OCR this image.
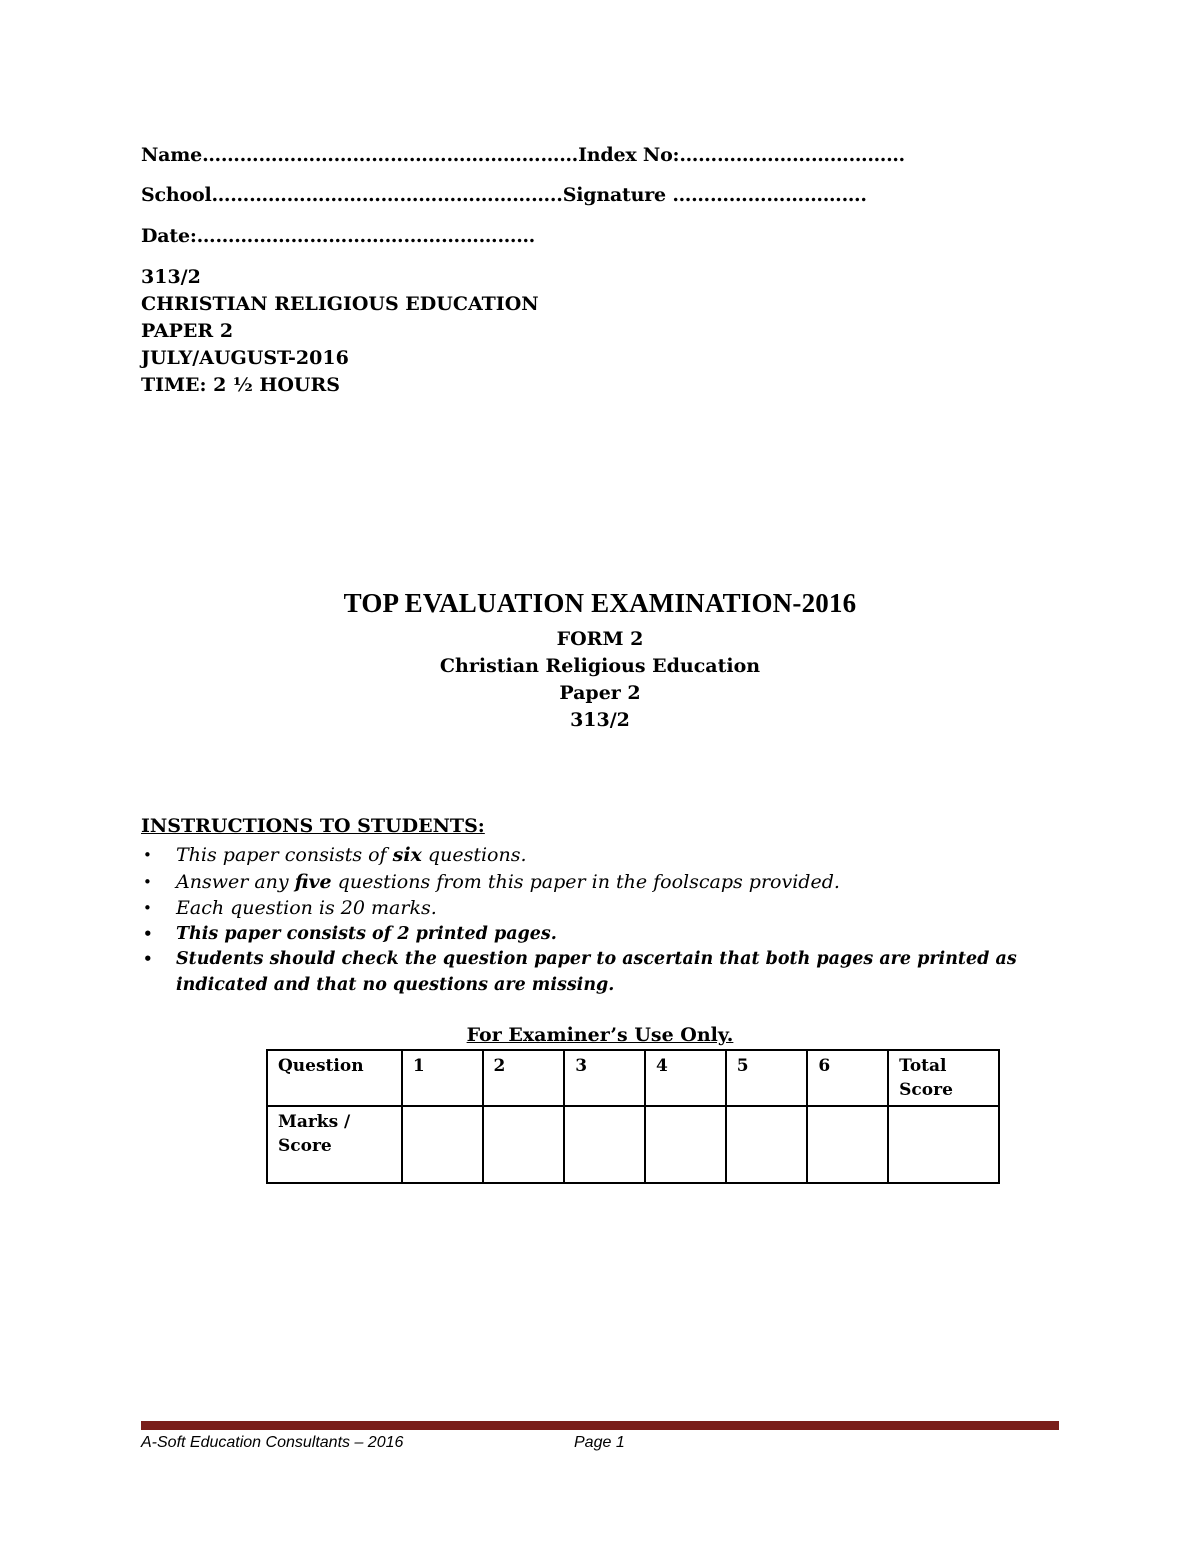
Name……………………………………………………Index No:………………………………
School………………………………………………..Signature ………………………….
Date:………………………………………………
313/2
CHRISTIAN RELIGIOUS EDUCATION
PAPER 2
JULY/AUGUST-2016
TIME: 2 ½ HOURS
TOP EVALUATION EXAMINATION-2016
FORM 2
Christian Religious Education
Paper 2
313/2
INSTRUCTIONS TO STUDENTS:
• This paper consists of six questions.
• Answer any five questions from this paper in the foolscaps provided.
• Each question is 20 marks.
• This paper consists of 2 printed pages.
• Students should check the question paper to ascertain that both pages are printed as indicated and that no questions are missing.
For Examiner’s Use Only.
Question	1	2	3	4	5	6	Total Score
Marks / Score							
A-Soft Education Consultants – 2016	Page 1
